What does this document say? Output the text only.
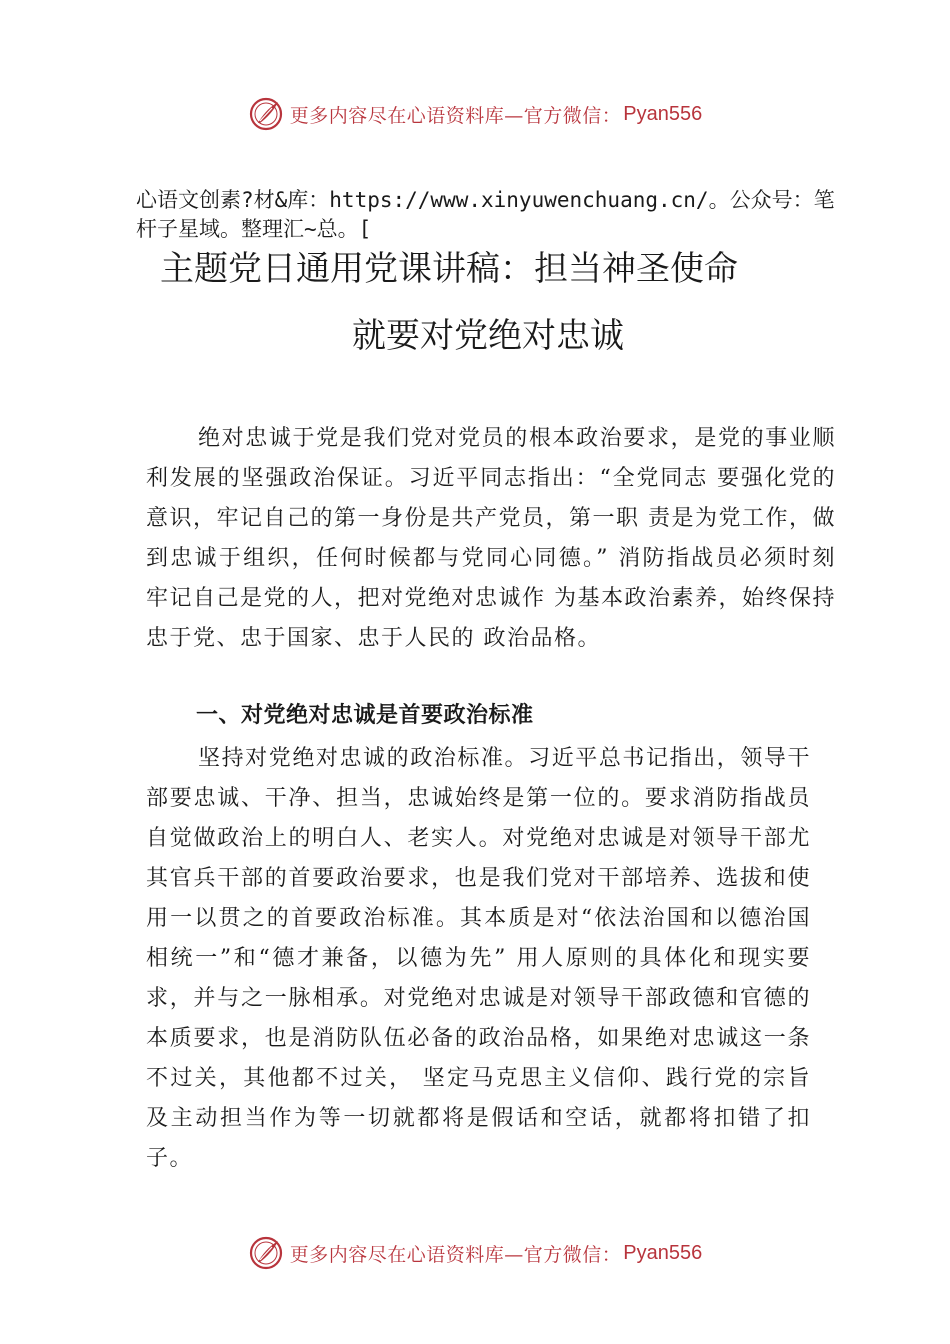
更多内容尽在心语资料库—官方微信： Pyan556
心语文创素?材&库：https://www.xinyuwenchuang.cn/。公众号：笔杆子星域。整理汇~总。[
主题党日通用党课讲稿：担当神圣使命
就要对党绝对忠诚
绝对忠诚于党是我们党对党员的根本政治要求，是党的事业顺利发展的坚强政治保证。习近平同志指出：“全党同志 要强化党的意识，牢记自己的第一身份是共产党员，第一职 责是为党工作，做到忠诚于组织，任何时候都与党同心同德。” 消防指战员必须时刻牢记自己是党的人，把对党绝对忠诚作 为基本政治素养，始终保持忠于党、忠于国家、忠于人民的 政治品格。
一、对党绝对忠诚是首要政治标准
坚持对党绝对忠诚的政治标准。习近平总书记指出，领导干部要忠诚、干净、担当，忠诚始终是第一位的。要求消防指战员自觉做政治上的明白人、老实人。对党绝对忠诚是对领导干部尤其官兵干部的首要政治要求，也是我们党对干部培养、选拔和使用一以贯之的首要政治标准。其本质是对“依法治国和以德治国相统一”和“德才兼备，以德为先” 用人原则的具体化和现实要求，并与之一脉相承。对党绝对忠诚是对领导干部政德和官德的本质要求，也是消防队伍必备的政治品格，如果绝对忠诚这一条不过关，其他都不过关， 坚定马克思主义信仰、践行党的宗旨及主动担当作为等一切就都将是假话和空话，就都将扣错了扣子。
更多内容尽在心语资料库—官方微信： Pyan556
